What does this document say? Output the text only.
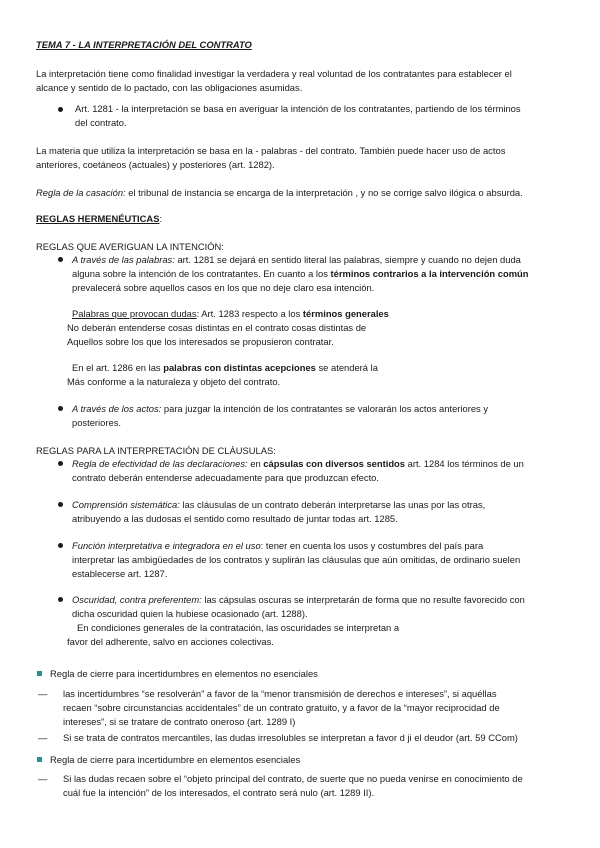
TEMA 7 - LA INTERPRETACIÓN DEL CONTRATO
La interpretación tiene como finalidad investigar la verdadera y real voluntad de los contratantes para establecer el
alcance y sentido de lo pactado, con las obligaciones asumidas.
Art. 1281 - la interpretación se basa en averiguar la intención de los contratantes, partiendo de los términos
del contrato.
La materia que utiliza la interpretación se basa en la - palabras - del contrato. También puede hacer uso de actos
anteriores, coetáneos (actuales) y posteriores (art. 1282).
Regla de la casación: el tribunal de instancia se encarga de la interpretación , y no se corrige salvo ilógica o absurda.
REGLAS HERMENÉUTICAS:
REGLAS QUE AVERIGUAN LA INTENCIÓN:
A través de las palabras: art. 1281 se dejará en sentido literal las palabras, siempre y cuando no dejen duda
alguna sobre la intención de los contratantes. En cuanto a los términos contrarios a la intervención común
prevalecerá sobre aquellos casos en los que no deje claro esa intención.
Palabras que provocan dudas: Art. 1283 respecto a los términos generales
No deberán entenderse cosas distintas en el contrato cosas distintas de
Aquellos sobre los que los interesados se propusieron contratar.
En el art. 1286 en las palabras con distintas acepciones se atenderá la
Más conforme a la naturaleza y objeto del contrato.
A través de los actos: para juzgar la intención de los contratantes se valorarán los actos anteriores y
posteriores.
REGLAS PARA LA INTERPRETACIÓN DE CLÁUSULAS:
Regla de efectividad de las declaraciones: en cápsulas con diversos sentidos art. 1284 los términos de un
contrato deberán entenderse adecuadamente para que produzcan efecto.
Comprensión sistemática: las cláusulas de un contrato deberán interpretarse las unas por las otras,
atribuyendo a las dudosas el sentido como resultado de juntar todas art. 1285.
Función interpretativa e integradora en el uso: tener en cuenta los usos y costumbres del país para
interpretar las ambigüedades de los contratos y suplirán las cláusulas que aún omitidas, de ordinario suelen
establecerse art. 1287.
Oscuridad, contra preferentem: las cápsulas oscuras se interpretarán de forma que no resulte favorecido con
dicha oscuridad quien la hubiese ocasionado (art. 1288).
En condiciones generales de la contratación, las oscuridades se interpretan a
favor del adherente, salvo en acciones colectivas.
Regla de cierre para incertidumbres en elementos no esenciales
— las incertidumbres “se resolverán” a favor de la “menor transmisión de derechos e intereses”, si aquéllas
recaen “sobre circunstancias accidentales” de un contrato gratuito, y a favor de la “mayor reciprocidad de
intereses”, si se tratare de contrato oneroso (art. 1289 I)
— Si se trata de contratos mercantiles, las dudas irresolubles se interpretan a favor d ji el deudor (art. 59 CCom)
Regla de cierre para incertidumbre en elementos esenciales
— Si las dudas recaen sobre el “objeto principal del contrato, de suerte que no pueda venirse en conocimiento de
cuál fue la intención” de los interesados, el contrato será nulo (art. 1289 II).
